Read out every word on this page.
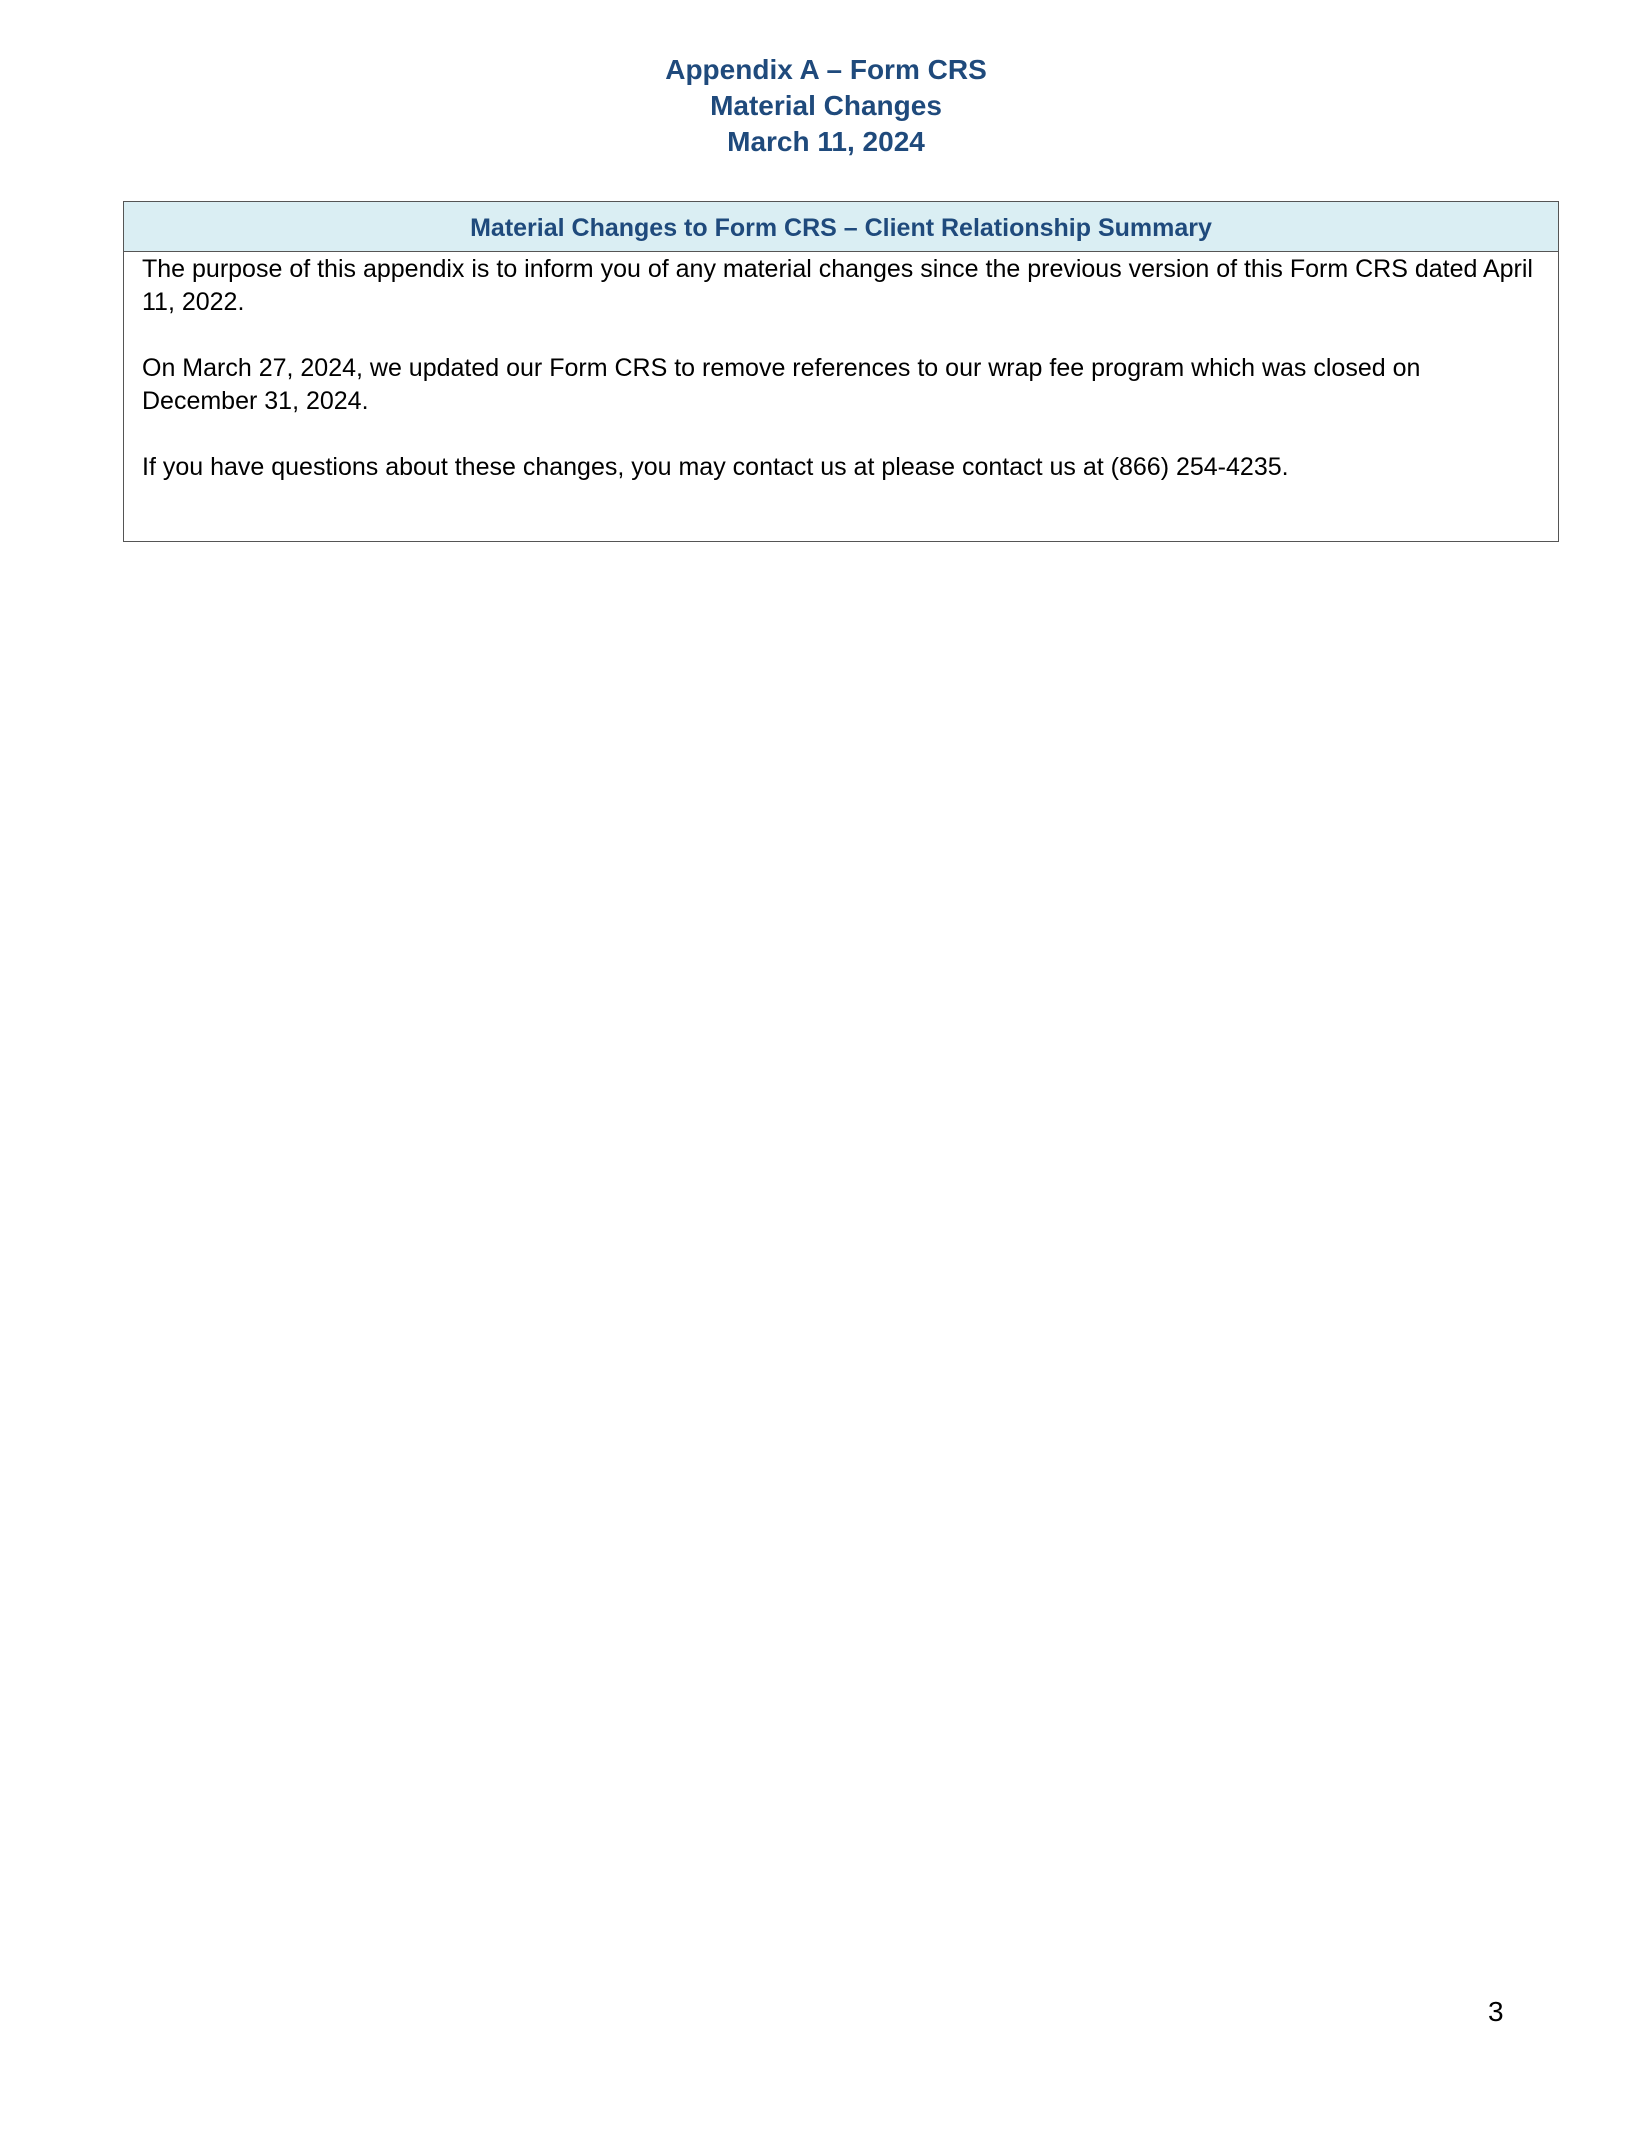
Appendix A – Form CRS
Material Changes
March 11, 2024
Material Changes to Form CRS – Client Relationship Summary

The purpose of this appendix is to inform you of any material changes since the previous version of this Form CRS dated April 11, 2022.

On March 27, 2024, we updated our Form CRS to remove references to our wrap fee program which was closed on December 31, 2024.

If you have questions about these changes, you may contact us at please contact us at (866) 254-4235.

3
